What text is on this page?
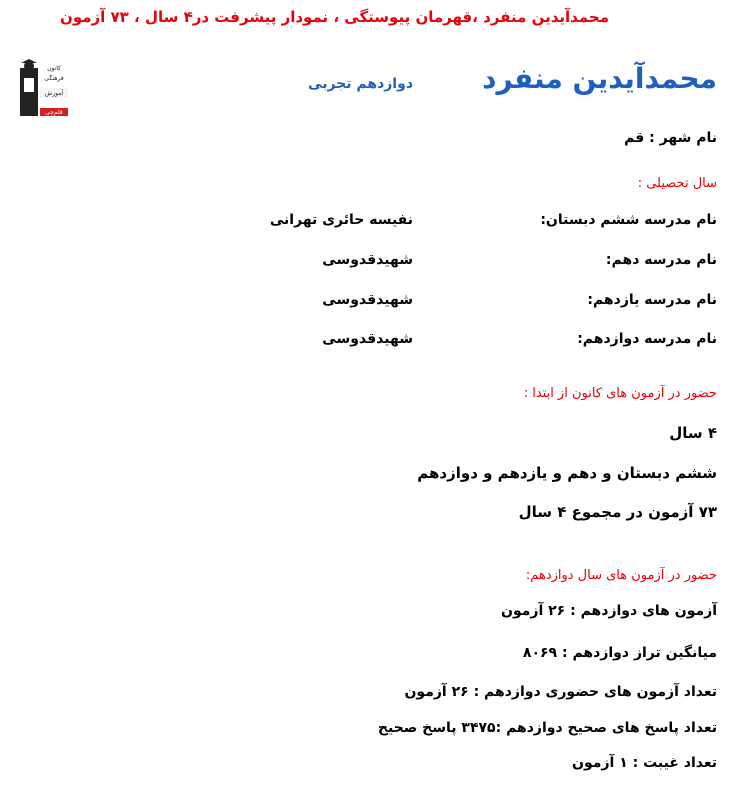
محمدآیدین منفرد ،قهرمان پیوستگی ، نمودار پیشرفت در۴ سال ، ۷۳ آزمون
محمدآیدین منفرد
دوازدهم تجربی
کانون
فرهنگی
آموزش
قلم‌چی
نام شهر : قم
سال تحصیلی :
نام مدرسه ششم دبستان:
نفیسه حائری تهرانی
نام مدرسه دهم:
شهیدقدوسی
نام مدرسه یازدهم:
شهیدقدوسی
نام مدرسه دوازدهم:
شهیدقدوسی
حضور در آزمون های کانون از ابتدا :
۴ سال
ششم دبستان و دهم و یازدهم و دوازدهم
۷۳ آزمون در مجموع ۴ سال
حضور در آزمون های سال دوازدهم:
آزمون های دوازدهم : ۲۶ آزمون
میانگین تراز دوازدهم : ۸۰۶۹
تعداد آزمون های حضوری دوازدهم : ۲۶ آزمون
تعداد پاسخ های صحیح دوازدهم :۳۴۷۵ پاسخ صحیح
تعداد غیبت : ۱ آزمون
